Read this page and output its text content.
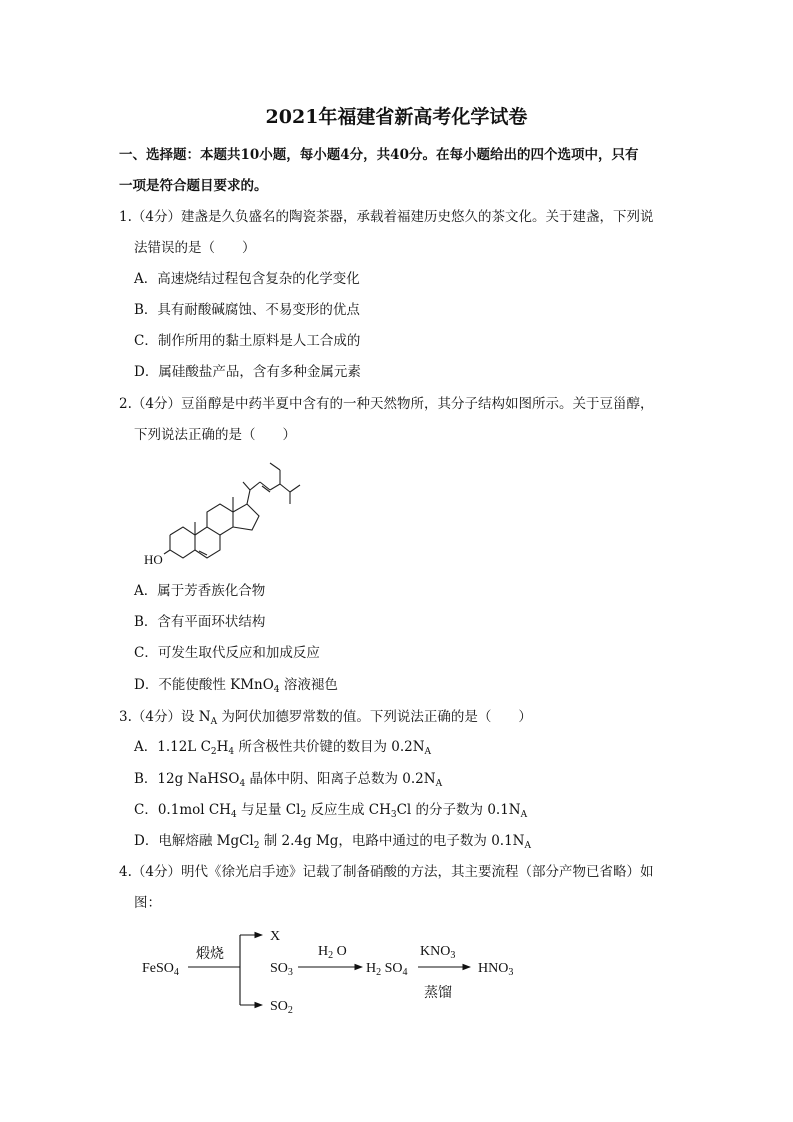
2021年福建省新高考化学试卷
一、选择题：本题共10小题，每小题4分，共40分。在每小题给出的四个选项中，只有
一项是符合题目要求的。
1.（4分）建盏是久负盛名的陶瓷茶器，承载着福建历史悠久的茶文化。关于建盏，下列说
法错误的是（　　）
A．高速烧结过程包含复杂的化学变化
B．具有耐酸碱腐蚀、不易变形的优点
C．制作所用的黏土原料是人工合成的
D．属硅酸盐产品，含有多种金属元素
2.（4分）豆甾醇是中药半夏中含有的一种天然物所，其分子结构如图所示。关于豆甾醇，
下列说法正确的是（　　）
HO
A．属于芳香族化合物
B．含有平面环状结构
C．可发生取代反应和加成反应
D．不能使酸性 KMnO$_4$ 溶液褪色
3.（4分）设 $N_A$ 为阿伏加德罗常数的值。下列说法正确的是（　　）
A．1.12L $C_2H_4$ 所含极性共价键的数目为 $0.2N_A$
B．12g NaHSO$_4$ 晶体中阴、阳离子总数为 $0.2N_A$
C．0.1mol $CH_4$ 与足量 $Cl_2$ 反应生成 $CH_3Cl$ 的分子数为 $0.1N_A$
D．电解熔融 MgCl$_2$ 制 2.4g Mg，电路中通过的电子数为 $0.1N_A$
4.（4分）明代《徐光启手迹》记载了制备硝酸的方法，其主要流程（部分产物已省略）如
图：
FeSO$_4$
煅烧
X
$SO_3$
$SO_2$
$H_2$ O
$H_2$ $SO_4$
$KNO_3$
蒸馏
$HNO_3$
